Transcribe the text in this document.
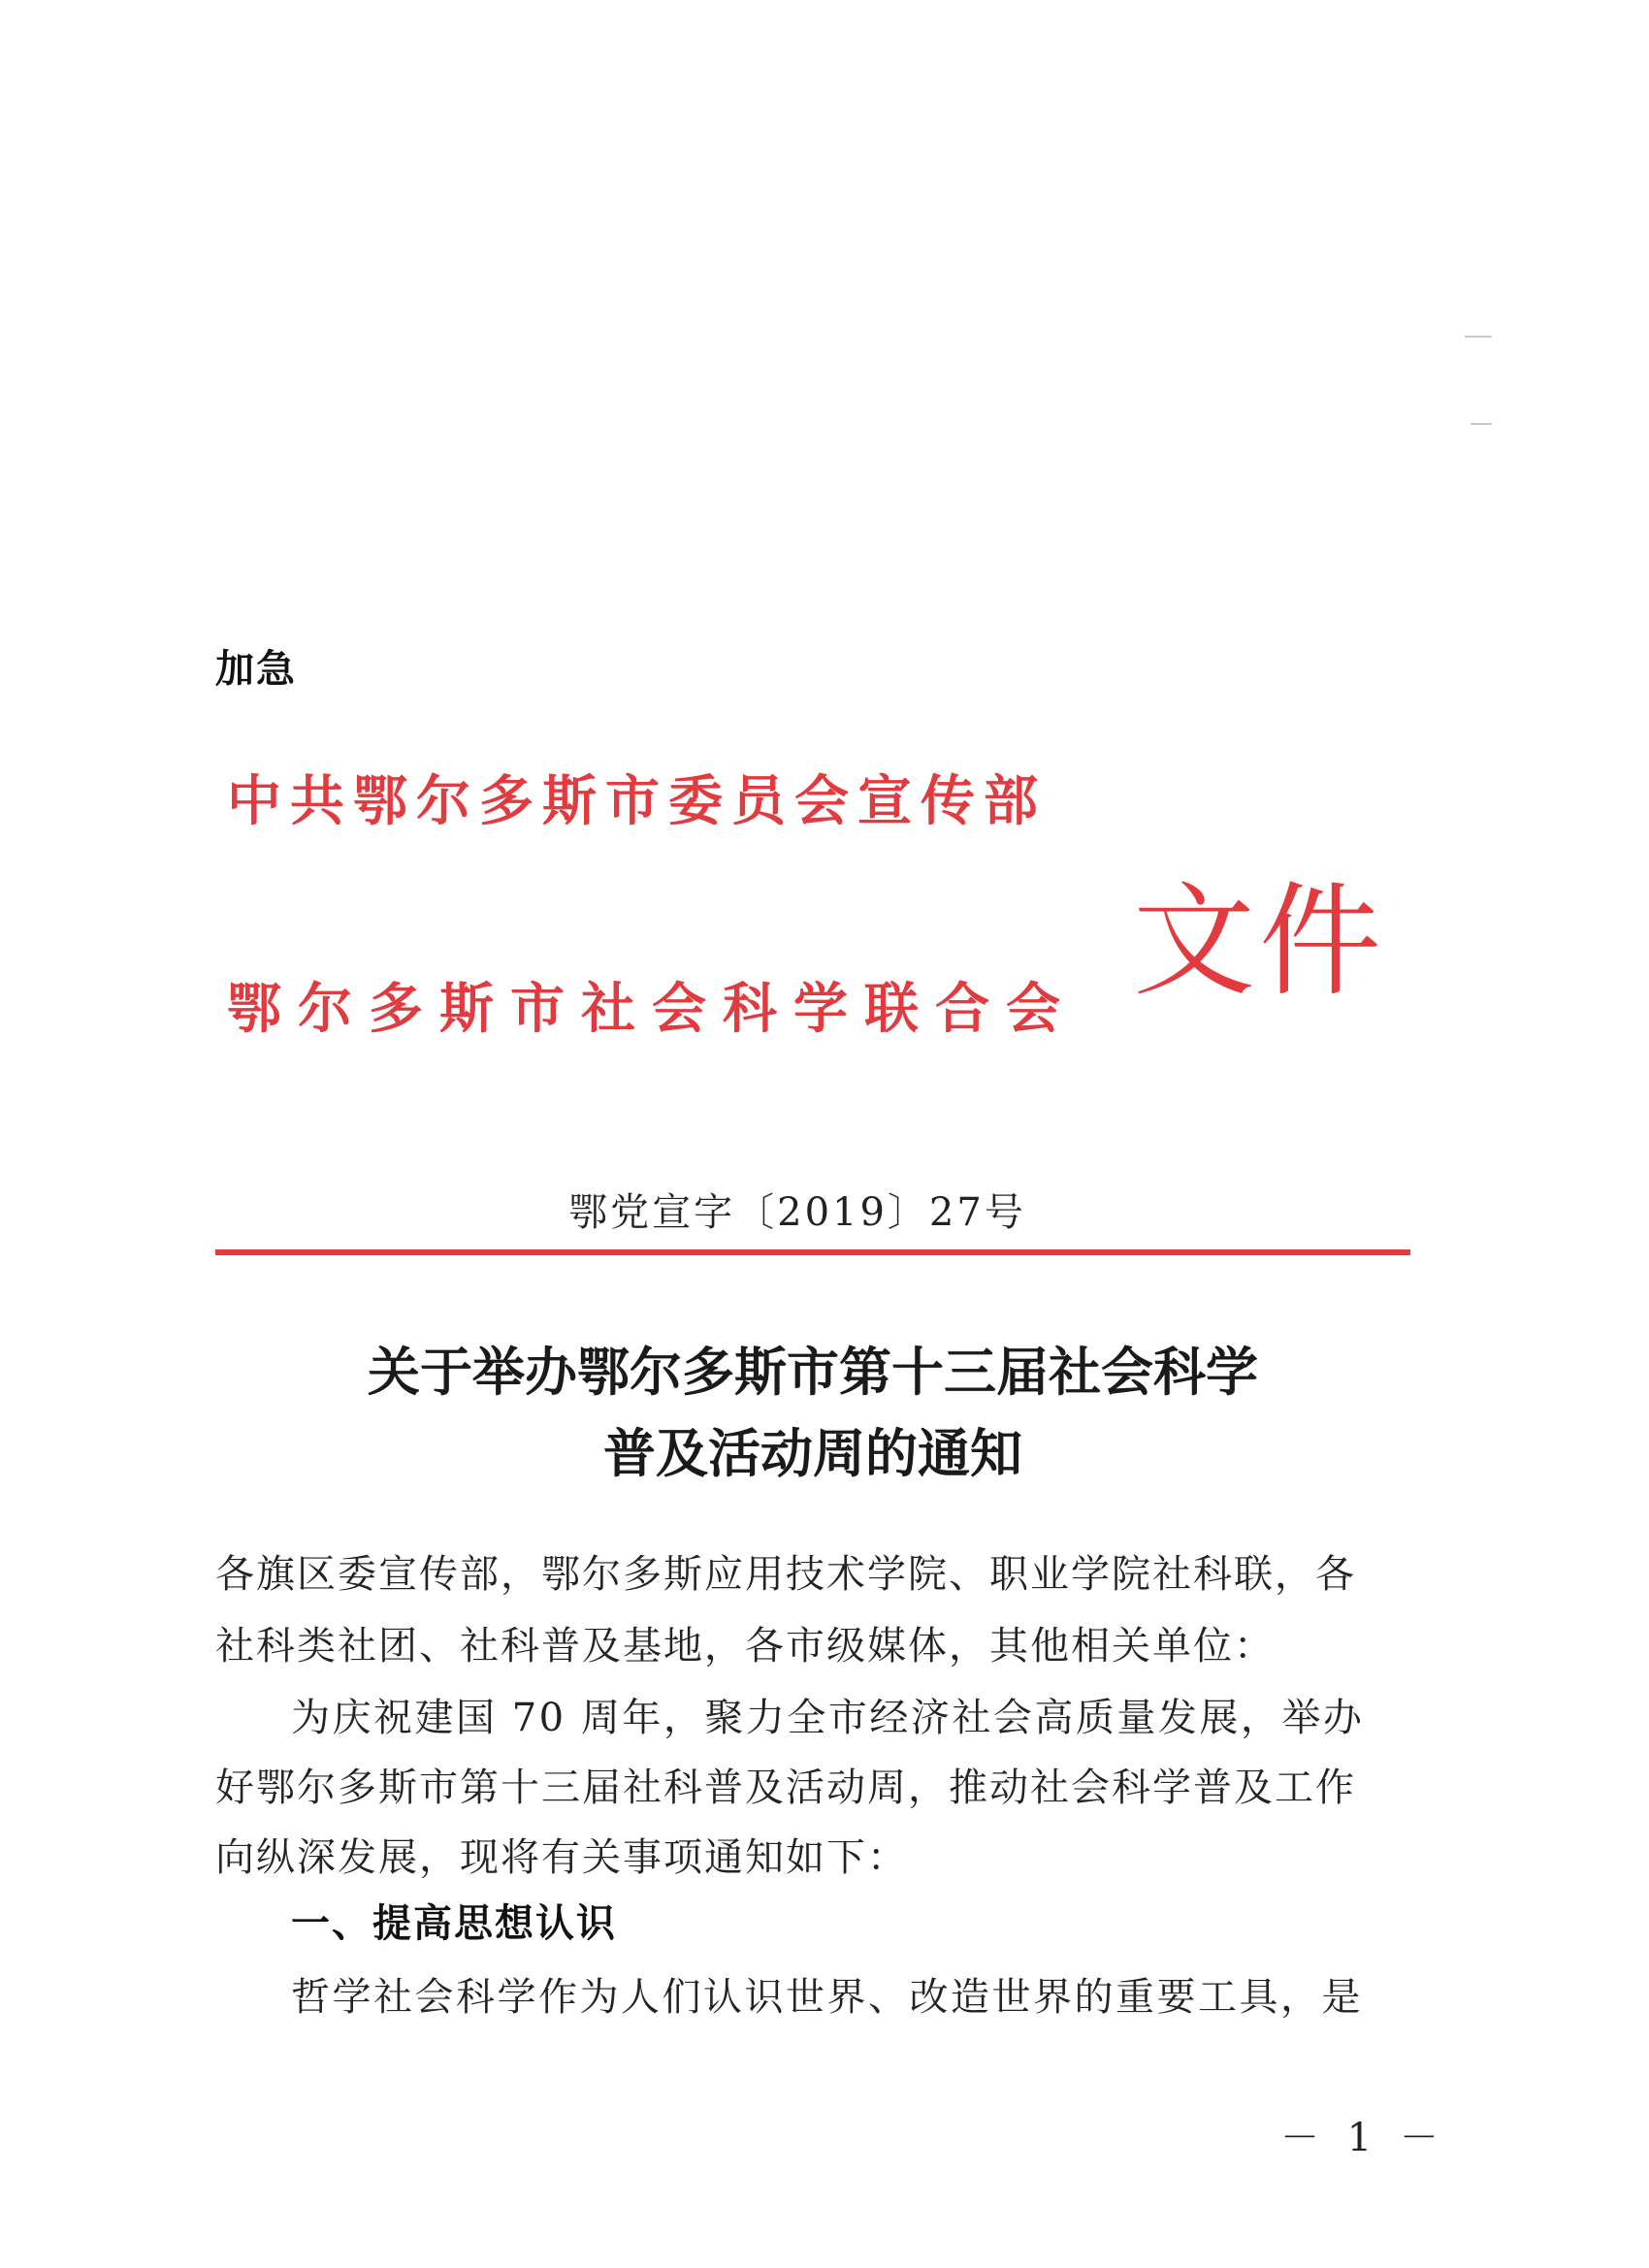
加急
中共鄂尔多斯市委员会宣传部
鄂尔多斯市社会科学联合会 文件
鄂党宣字〔2019〕27号
关于举办鄂尔多斯市第十三届社会科学
普及活动周的通知
各旗区委宣传部，鄂尔多斯应用技术学院、职业学院社科联，各
社科类社团、社科普及基地，各市级媒体，其他相关单位：
为庆祝建国 70 周年，聚力全市经济社会高质量发展，举办
好鄂尔多斯市第十三届社科普及活动周，推动社会科学普及工作
向纵深发展，现将有关事项通知如下：
一、提高思想认识
哲学社会科学作为人们认识世界、改造世界的重要工具，是
－ 1 －
